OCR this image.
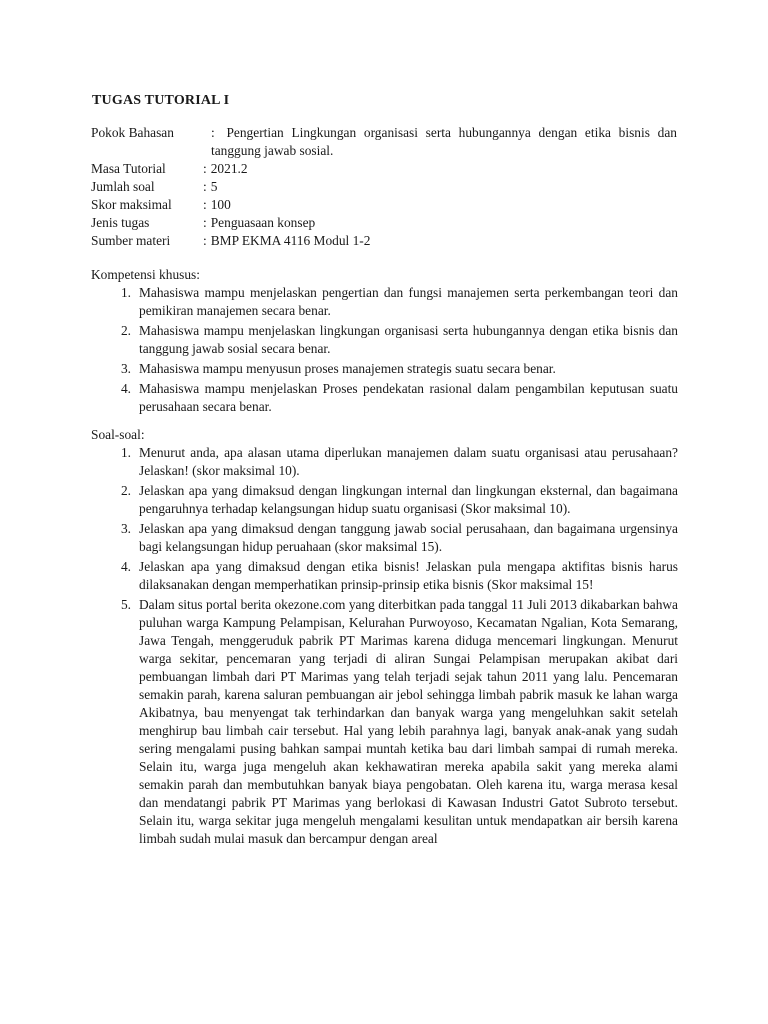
TUGAS TUTORIAL I
Pokok Bahasan	: Pengertian Lingkungan organisasi serta hubungannya dengan etika bisnis dan tanggung jawab sosial.
Masa Tutorial	: 2021.2
Jumlah soal	: 5
Skor maksimal	: 100
Jenis tugas	: Penguasaan konsep
Sumber materi	: BMP EKMA 4116 Modul 1-2
Kompetensi khusus:
1. Mahasiswa mampu menjelaskan pengertian dan fungsi manajemen serta perkembangan teori dan pemikiran manajemen secara benar.
2. Mahasiswa mampu menjelaskan lingkungan organisasi serta hubungannya dengan etika bisnis dan tanggung jawab sosial secara benar.
3. Mahasiswa mampu menyusun proses manajemen strategis suatu secara benar.
4. Mahasiswa mampu menjelaskan Proses pendekatan rasional dalam pengambilan keputusan suatu perusahaan secara benar.
Soal-soal:
1. Menurut anda, apa alasan utama diperlukan manajemen dalam suatu organisasi atau perusahaan? Jelaskan! (skor maksimal 10).
2. Jelaskan apa yang dimaksud dengan lingkungan internal dan lingkungan eksternal, dan bagaimana pengaruhnya terhadap kelangsungan hidup suatu organisasi (Skor maksimal 10).
3. Jelaskan apa yang dimaksud dengan tanggung jawab social perusahaan, dan bagaimana urgensinya bagi kelangsungan hidup peruahaan (skor maksimal 15).
4. Jelaskan apa yang dimaksud dengan etika bisnis! Jelaskan pula mengapa aktifitas bisnis harus dilaksanakan dengan memperhatikan prinsip-prinsip etika bisnis (Skor maksimal 15!
5. Dalam situs portal berita okezone.com yang diterbitkan pada tanggal 11 Juli 2013 dikabarkan bahwa puluhan warga Kampung Pelampisan, Kelurahan Purwoyoso, Kecamatan Ngalian, Kota Semarang, Jawa Tengah, menggeruduk pabrik PT Marimas karena diduga mencemari lingkungan. Menurut warga sekitar, pencemaran yang terjadi di aliran Sungai Pelampisan merupakan akibat dari pembuangan limbah dari PT Marimas yang telah terjadi sejak tahun 2011 yang lalu. Pencemaran semakin parah, karena saluran pembuangan air jebol sehingga limbah pabrik masuk ke lahan warga Akibatnya, bau menyengat tak terhindarkan dan banyak warga yang mengeluhkan sakit setelah menghirup bau limbah cair tersebut. Hal yang lebih parahnya lagi, banyak anak-anak yang sudah sering mengalami pusing bahkan sampai muntah ketika bau dari limbah sampai di rumah mereka. Selain itu, warga juga mengeluh akan kekhawatiran mereka apabila sakit yang mereka alami semakin parah dan membutuhkan banyak biaya pengobatan. Oleh karena itu, warga merasa kesal dan mendatangi pabrik PT Marimas yang berlokasi di Kawasan Industri Gatot Subroto tersebut. Selain itu, warga sekitar juga mengeluh mengalami kesulitan untuk mendapatkan air bersih karena limbah sudah mulai masuk dan bercampur dengan areal
